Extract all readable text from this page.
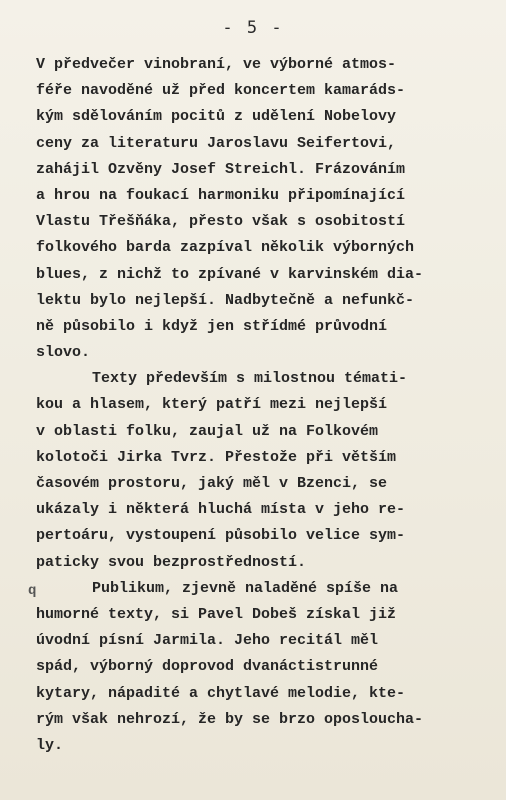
- 5 -
V předvečer vinobraní, ve výborné atmos-
féře navoděné už před koncertem kamaráds-
kým sdělováním pocitů z udělení Nobelovy
ceny za literaturu Jaroslavu Seifertovi,
zahájil Ozvěny Josef Streichl. Frázováním
a hrou na foukací harmoniku připomínající
Vlastu Třešňáka, přesto však s osobitostí
folkového barda zazpíval několik výborných
blues, z nichž to zpívané v karvinském dia-
lektu bylo nejlepší. Nadbytečně a nefunkč-
ně působilo i když jen střídmé průvodní
slovo.
Texty především s milostnou témati-
kou a hlasem, který patří mezi nejlepší
v oblasti folku, zaujal už na Folkovém
kolotoči Jirka Tvrz. Přestože při větším
časovém prostoru, jaký měl v Bzenci, se
ukázaly i některá hluchá místa v jeho re-
pertoáru, vystoupení působilo velice sym-
paticky svou bezprostředností.
q	Publikum, zjevně naladěné spíše na
humorné texty, si Pavel Dobeš získal již
úvodní písní Jarmila. Jeho recitál měl
spád, výborný doprovod dvanáctistrunné
kytary, nápadité a chytlavé melodie, kte-
rým však nehrozí, že by se brzo oposloucha-
ly.
